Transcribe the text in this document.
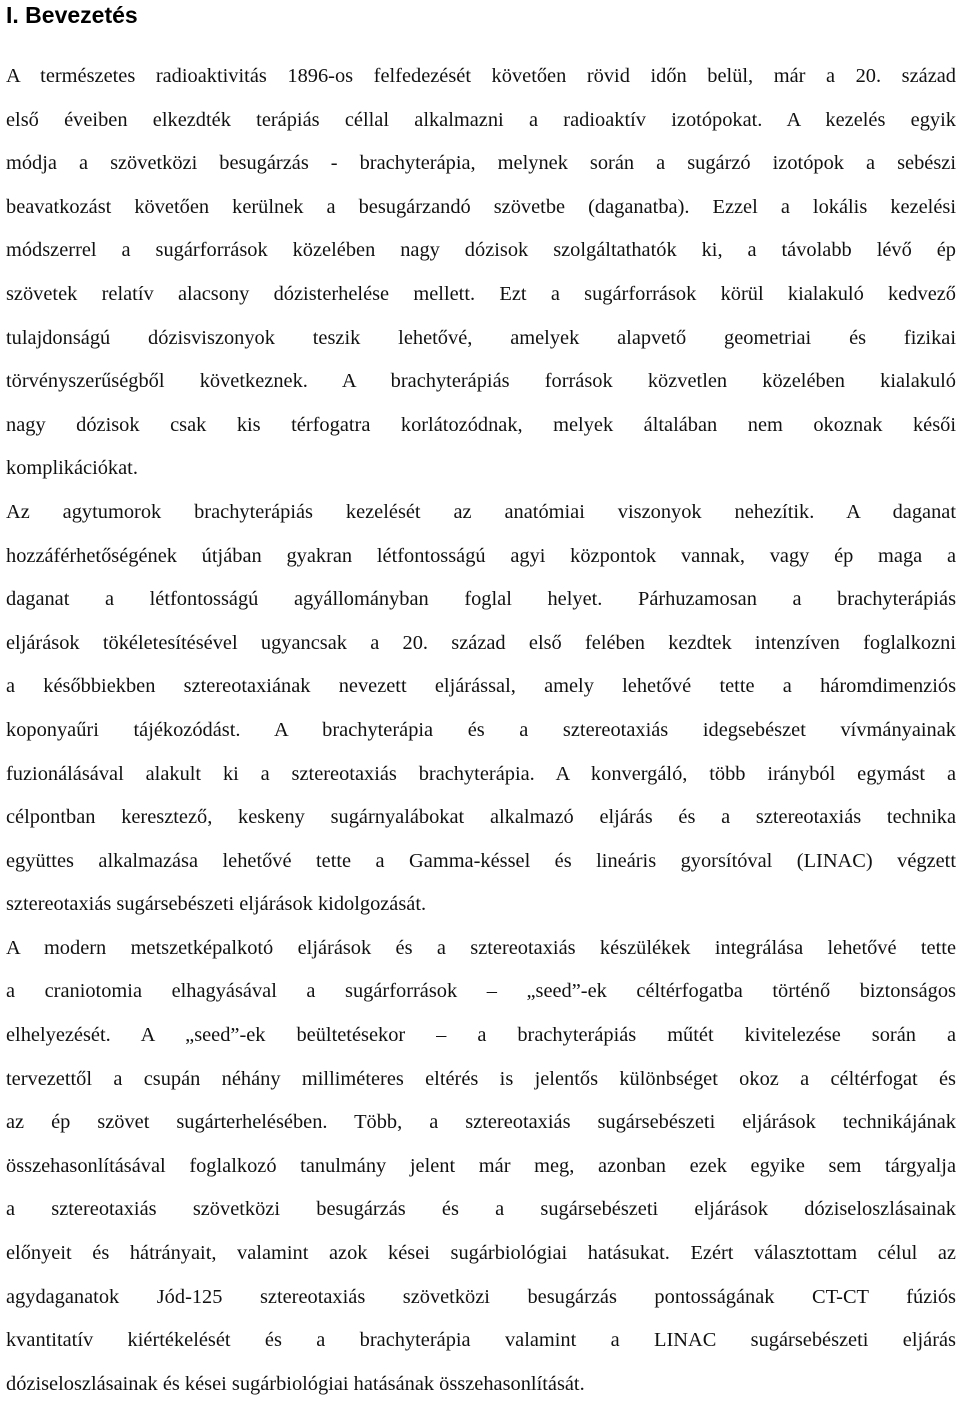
I. Bevezetés
A természetes radioaktivitás 1896-os felfedezését követően rövid időn belül, már a 20. század
első éveiben elkezdték terápiás céllal alkalmazni a radioaktív izotópokat. A kezelés egyik
módja a szövetközi besugárzás - brachyterápia, melynek során a sugárzó izotópok a sebészi
beavatkozást követően kerülnek a besugárzandó szövetbe (daganatba). Ezzel a lokális kezelési
módszerrel a sugárforrások közelében nagy dózisok szolgáltathatók ki, a távolabb lévő ép
szövetek relatív alacsony dózisterhelése mellett. Ezt a sugárforrások körül kialakuló kedvező
tulajdonságú dózisviszonyok teszik lehetővé, amelyek alapvető geometriai és fizikai
törvényszerűségből következnek. A brachyterápiás források közvetlen közelében kialakuló
nagy dózisok csak kis térfogatra korlátozódnak, melyek általában nem okoznak késői
komplikációkat.
Az agytumorok brachyterápiás kezelését az anatómiai viszonyok nehezítik. A daganat
hozzáférhetőségének útjában gyakran létfontosságú agyi központok vannak, vagy ép maga a
daganat a létfontosságú agyállományban foglal helyet. Párhuzamosan a brachyterápiás
eljárások tökéletesítésével ugyancsak a 20. század első felében kezdtek intenzíven foglalkozni
a későbbiekben sztereotaxiának nevezett eljárással, amely lehetővé tette a háromdimenziós
koponyaűri tájékozódást. A brachyterápia és a sztereotaxiás idegsebészet vívmányainak
fuzionálásával alakult ki a sztereotaxiás brachyterápia. A konvergáló, több irányból egymást a
célpontban keresztező, keskeny sugárnyalábokat alkalmazó eljárás és a sztereotaxiás technika
együttes alkalmazása lehetővé tette a Gamma-késsel és lineáris gyorsítóval (LINAC) végzett
sztereotaxiás sugársebészeti eljárások kidolgozását.
A modern metszetképalkotó eljárások és a sztereotaxiás készülékek integrálása lehetővé tette
a craniotomia elhagyásával a sugárforrások – „seed”-ek céltérfogatba történő biztonságos
elhelyezését. A „seed”-ek beültetésekor – a brachyterápiás műtét kivitelezése során a
tervezettől a csupán néhány milliméteres eltérés is jelentős különbséget okoz a céltérfogat és
az ép szövet sugárterhelésében. Több, a sztereotaxiás sugársebészeti eljárások technikájának
összehasonlításával foglalkozó tanulmány jelent már meg, azonban ezek egyike sem tárgyalja
a sztereotaxiás szövetközi besugárzás és a sugársebészeti eljárások dóziseloszlásainak
előnyeit és hátrányait, valamint azok kései sugárbiológiai hatásukat. Ezért választottam célul az
agydaganatok Jód-125 sztereotaxiás szövetközi besugárzás pontosságának CT-CT fúziós
kvantitatív kiértékelését és a brachyterápia valamint a LINAC sugársebészeti eljárás
dóziseloszlásainak és kései sugárbiológiai hatásának összehasonlítását.
